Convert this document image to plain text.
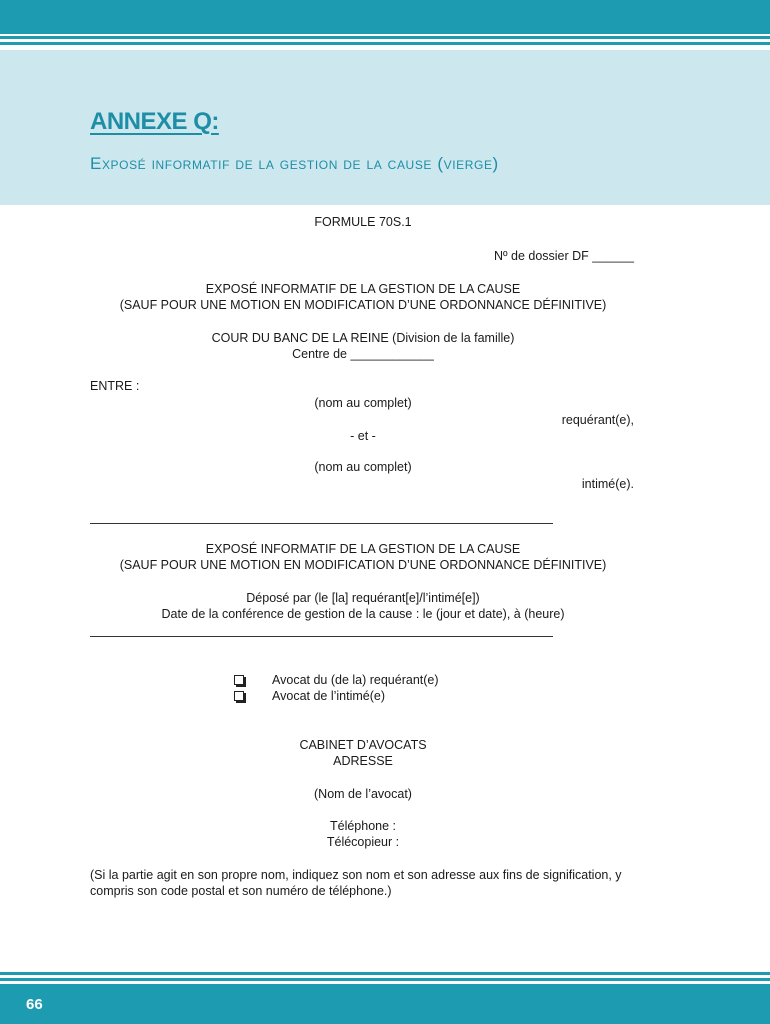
ANNEXE Q:
Exposé informatif de la gestion de la cause (vierge)
FORMULE 70S.1
Nº de dossier DF ______
EXPOSÉ INFORMATIF DE LA GESTION DE LA CAUSE
(SAUF POUR UNE MOTION EN MODIFICATION D’UNE ORDONNANCE DÉFINITIVE)
COUR DU BANC DE LA REINE (Division de la famille)
Centre de ____________
ENTRE :
(nom au complet)
requérant(e),
- et -
(nom au complet)
intimé(e).
EXPOSÉ INFORMATIF DE LA GESTION DE LA CAUSE
(SAUF POUR UNE MOTION EN MODIFICATION D’UNE ORDONNANCE DÉFINITIVE)
Déposé par (le [la] requérant[e]/l’intimé[e])
Date de la conférence de gestion de la cause : le (jour et date), à (heure)
Avocat du (de la) requérant(e)
Avocat de l’intimé(e)
CABINET D’AVOCATS
ADRESSE
(Nom de l’avocat)
Téléphone :
Télécopieur :
(Si la partie agit en son propre nom, indiquez son nom et son adresse aux fins de signification, y
compris son code postal et son numéro de téléphone.)
66
